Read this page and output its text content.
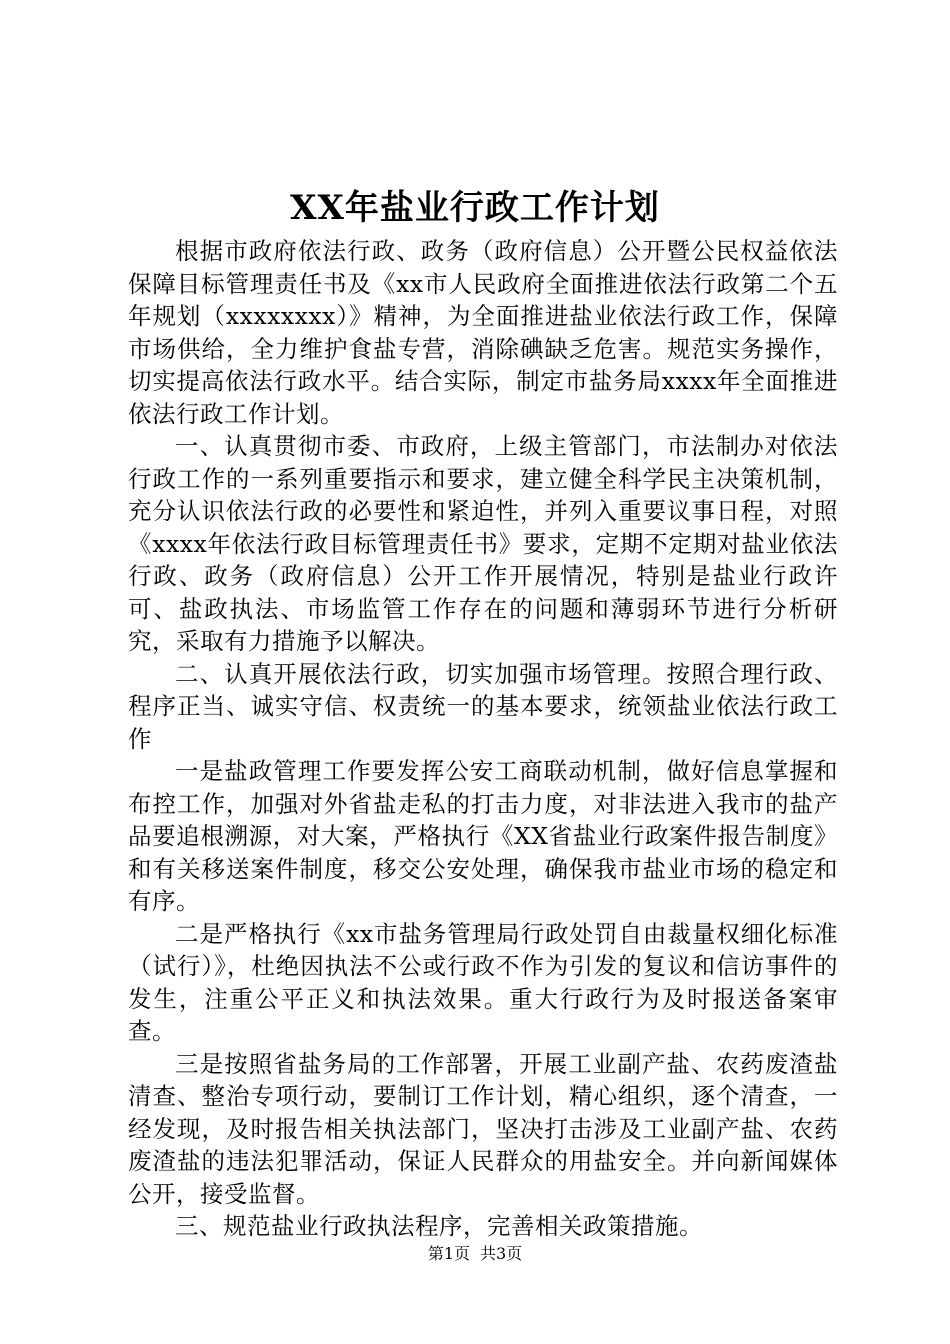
XX年盐业行政工作计划

根据市政府依法行政、政务（政府信息）公开暨公民权益依法保障目标管理责任书及《xx市人民政府全面推进依法行政第二个五年规划（xxxxxxxx）》精神，为全面推进盐业依法行政工作，保障市场供给，全力维护食盐专营，消除碘缺乏危害。规范实务操作，切实提高依法行政水平。结合实际，制定市盐务局xxxx年全面推进依法行政工作计划。

一、认真贯彻市委、市政府，上级主管部门，市法制办对依法行政工作的一系列重要指示和要求，建立健全科学民主决策机制，充分认识依法行政的必要性和紧迫性，并列入重要议事日程，对照《xxxx年依法行政目标管理责任书》要求，定期不定期对盐业依法行政、政务（政府信息）公开工作开展情况，特别是盐业行政许可、盐政执法、市场监管工作存在的问题和薄弱环节进行分析研究，采取有力措施予以解决。

二、认真开展依法行政，切实加强市场管理。按照合理行政、程序正当、诚实守信、权责统一的基本要求，统领盐业依法行政工作

一是盐政管理工作要发挥公安工商联动机制，做好信息掌握和布控工作，加强对外省盐走私的打击力度，对非法进入我市的盐产品要追根溯源，对大案，严格执行《XX省盐业行政案件报告制度》和有关移送案件制度，移交公安处理，确保我市盐业市场的稳定和有序。

二是严格执行《xx市盐务管理局行政处罚自由裁量权细化标准（试行）》，杜绝因执法不公或行政不作为引发的复议和信访事件的发生，注重公平正义和执法效果。重大行政行为及时报送备案审查。

三是按照省盐务局的工作部署，开展工业副产盐、农药废渣盐清查、整治专项行动，要制订工作计划，精心组织，逐个清查，一经发现，及时报告相关执法部门，坚决打击涉及工业副产盐、农药废渣盐的违法犯罪活动，保证人民群众的用盐安全。并向新闻媒体公开，接受监督。

三、规范盐业行政执法程序，完善相关政策措施。

第1页 共3页
